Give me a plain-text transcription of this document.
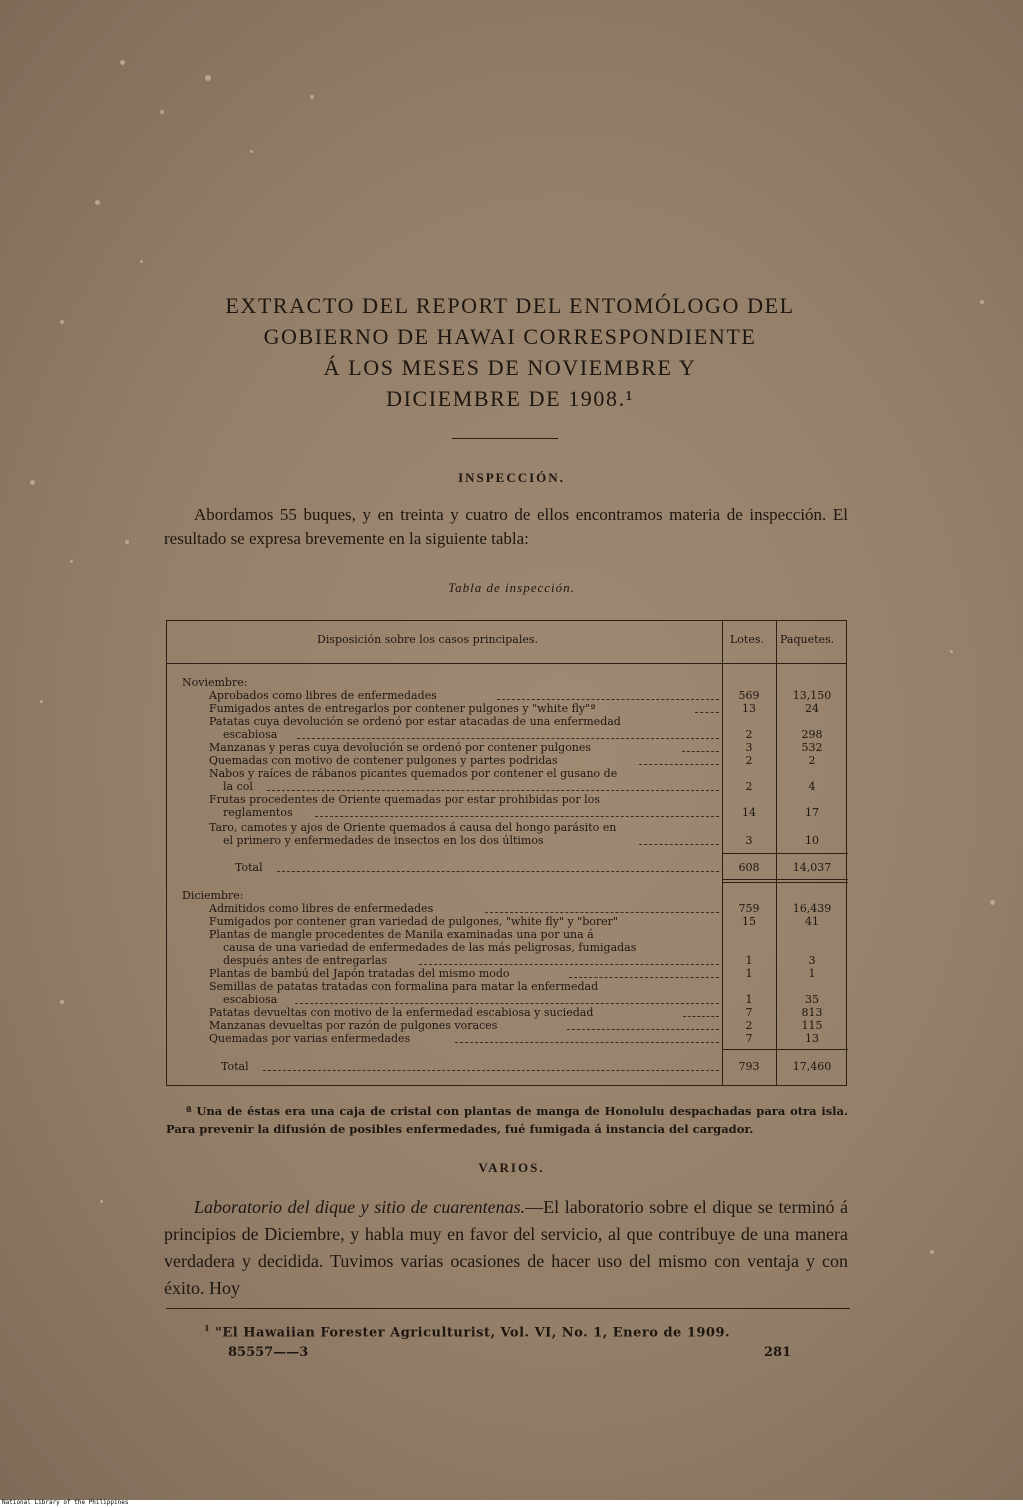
EXTRACTO DEL REPORT DEL ENTOMÓLOGO DEL
GOBIERNO DE HAWAI CORRESPONDIENTE
Á LOS MESES DE NOVIEMBRE Y
DICIEMBRE DE 1908.¹
INSPECCIÓN.
Abordamos 55 buques, y en treinta y cuatro de ellos encontramos materia de inspección. El resultado se expresa brevemente en la siguiente tabla:
Tabla de inspección.
Disposición sobre los casos principales.	Lotes. Paquetes.
Noviembre:
Aprobados como libres de enfermedades	569	13,150
Fumigados antes de entregarlos por contener pulgones y "white fly"ª	13	24
Patatas cuya devolución se ordenó por estar atacadas de una enfermedad
escabiosa	2	298
Manzanas y peras cuya devolución se ordenó por contener pulgones	3	532
Quemadas con motivo de contener pulgones y partes podridas	2	2
Nabos y raíces de rábanos picantes quemados por contener el gusano de
la col	2	4
Frutas procedentes de Oriente quemadas por estar prohibidas por los
reglamentos	14	17
Taro, camotes y ajos de Oriente quemados á causa del hongo parásito en
el primero y enfermedades de insectos en los dos últimos	3	10
Total	608	14,037
Diciembre:
Admitidos como libres de enfermedades	759	16,439
Fumigados por contener gran variedad de pulgones, "white fly" y "borer"	15	41
Plantas de mangle procedentes de Manila examinadas una por una á
causa de una variedad de enfermedades de las más peligrosas, fumigadas
después antes de entregarlas	1	3
Plantas de bambú del Japón tratadas del mismo modo	1	1
Semillas de patatas tratadas con formalina para matar la enfermedad
escabiosa	1	35
Patatas devueltas con motivo de la enfermedad escabiosa y suciedad	7	813
Manzanas devueltas por razón de pulgones voraces	2	115
Quemadas por varias enfermedades	7	13
Total	793	17,460
ª Una de éstas era una caja de cristal con plantas de manga de Honolulu despachadas para otra isla. Para prevenir la difusión de posibles enfermedades, fué fumigada á instancia del cargador.
VARIOS.
Laboratorio del dique y sitio de cuarentenas.—El laboratorio sobre el dique se terminó á principios de Diciembre, y habla muy en favor del servicio, al que contribuye de una manera verdadera y decidida. Tuvimos varias ocasiones de hacer uso del mismo con ventaja y con éxito. Hoy
$^1$ "El Hawaiian Forester Agriculturist, Vol. VI, No. 1, Enero de 1909.
85557——3	281
National Library of the Philippines
